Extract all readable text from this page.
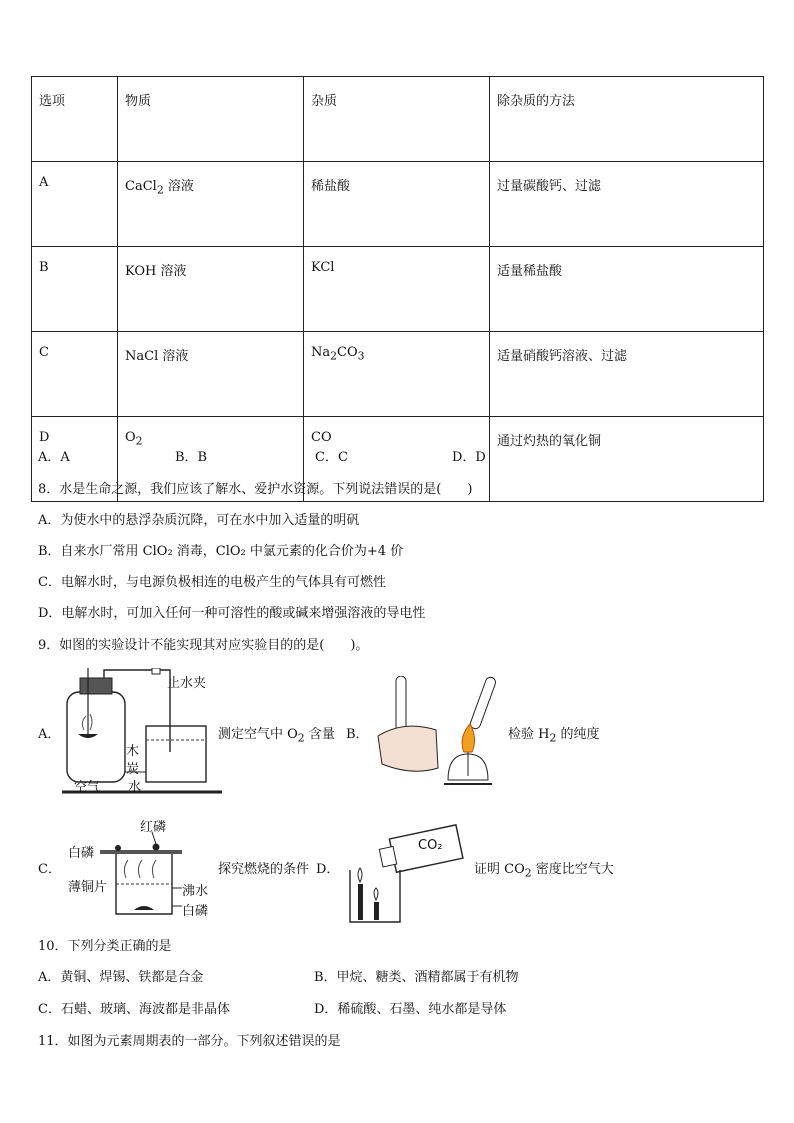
选项	物质	杂质	除杂质的方法
A	CaCl$_2$ 溶液	稀盐酸	过量碳酸钙、过滤
B	KOH 溶液	KCl	适量稀盐酸
C	NaCl 溶液	$Na_2CO_3$	适量硝酸钙溶液、过滤
D	$O_2$	CO	通过灼热的氧化铜
A．A	B．B	C．C	D．D
8．水是生命之源，我们应该了解水、爱护水资源。下列说法错误的是(　　)
A．为使水中的悬浮杂质沉降，可在水中加入适量的明矾
B．自来水厂常用 ClO₂ 消毒，ClO₂ 中氯元素的化合价为+4 价
C．电解水时，与电源负极相连的电极产生的气体具有可燃性
D．电解水时，可加入任何一种可溶性的酸或碱来增强溶液的导电性
9．如图的实验设计不能实现其对应实验目的的是(　　)。
A．
止水夹
木
炭
水
空气
测定空气中 $O_2$ 含量 B．	检验 $H_2$ 的纯度
C．
红磷
白磷
薄铜片	沸水
白磷
探究燃烧的条件 D．
CO₂
证明 $CO_2$ 密度比空气大
10．下列分类正确的是
A．黄铜、焊锡、铁都是合金	B．甲烷、糖类、酒精都属于有机物
C．石蜡、玻璃、海波都是非晶体	D．稀硫酸、石墨、纯水都是导体
11．如图为元素周期表的一部分。下列叙述错误的是
